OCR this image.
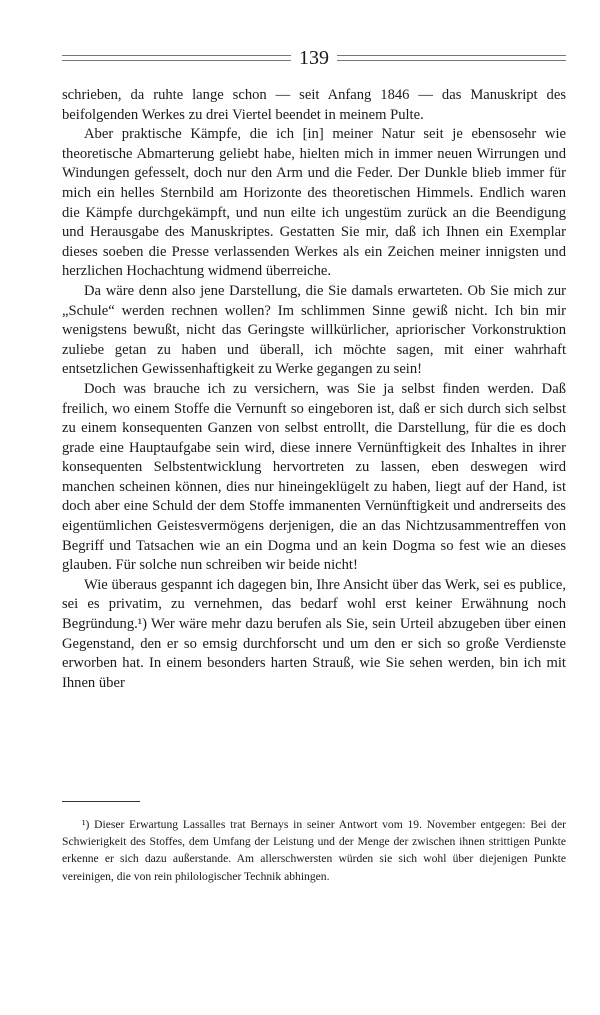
139

schrieben, da ruhte lange schon — seit Anfang 1846 — das Manuskript des beifolgenden Werkes zu drei Viertel beendet in meinem Pulte.

Aber praktische Kämpfe, die ich [in] meiner Natur seit je ebensosehr wie theoretische Abmarterung geliebt habe, hielten mich in immer neuen Wirrungen und Windungen gefesselt, doch nur den Arm und die Feder. Der Dunkle blieb immer für mich ein helles Sternbild am Horizonte des theoretischen Himmels. Endlich waren die Kämpfe durchgekämpft, und nun eilte ich ungestüm zurück an die Beendigung und Herausgabe des Manuskriptes. Gestatten Sie mir, daß ich Ihnen ein Exemplar dieses soeben die Presse verlassenden Werkes als ein Zeichen meiner innigsten und herzlichen Hochachtung widmend überreiche.

Da wäre denn also jene Darstellung, die Sie damals erwarteten. Ob Sie mich zur „Schule“ werden rechnen wollen? Im schlimmen Sinne gewiß nicht. Ich bin mir wenigstens bewußt, nicht das Geringste willkürlicher, apriorischer Vorkonstruktion zuliebe getan zu haben und überall, ich möchte sagen, mit einer wahrhaft entsetzlichen Gewissenhaftigkeit zu Werke gegangen zu sein!

Doch was brauche ich zu versichern, was Sie ja selbst finden werden. Daß freilich, wo einem Stoffe die Vernunft so eingeboren ist, daß er sich durch sich selbst zu einem konsequenten Ganzen von selbst entrollt, die Darstellung, für die es doch grade eine Hauptaufgabe sein wird, diese innere Vernünftigkeit des Inhaltes in ihrer konsequenten Selbstentwicklung hervortreten zu lassen, eben deswegen wird manchen scheinen können, dies nur hineingeklügelt zu haben, liegt auf der Hand, ist doch aber eine Schuld der dem Stoffe immanenten Vernünftigkeit und andrerseits des eigentümlichen Geistesvermögens derjenigen, die an das Nichtzusammentreffen von Begriff und Tatsachen wie an ein Dogma und an kein Dogma so fest wie an dieses glauben. Für solche nun schreiben wir beide nicht!

Wie überaus gespannt ich dagegen bin, Ihre Ansicht über das Werk, sei es publice, sei es privatim, zu vernehmen, das bedarf wohl erst keiner Erwähnung noch Begründung.¹) Wer wäre mehr dazu berufen als Sie, sein Urteil abzugeben über einen Gegenstand, den er so emsig durchforscht und um den er sich so große Verdienste erworben hat. In einem besonders harten Strauß, wie Sie sehen werden, bin ich mit Ihnen über

¹) Dieser Erwartung Lassalles trat Bernays in seiner Antwort vom 19. November entgegen: Bei der Schwierigkeit des Stoffes, dem Umfang der Leistung und der Menge der zwischen ihnen strittigen Punkte erkenne er sich dazu außerstande. Am allerschwersten würden sie sich wohl über diejenigen Punkte vereinigen, die von rein philologischer Technik abhingen.
